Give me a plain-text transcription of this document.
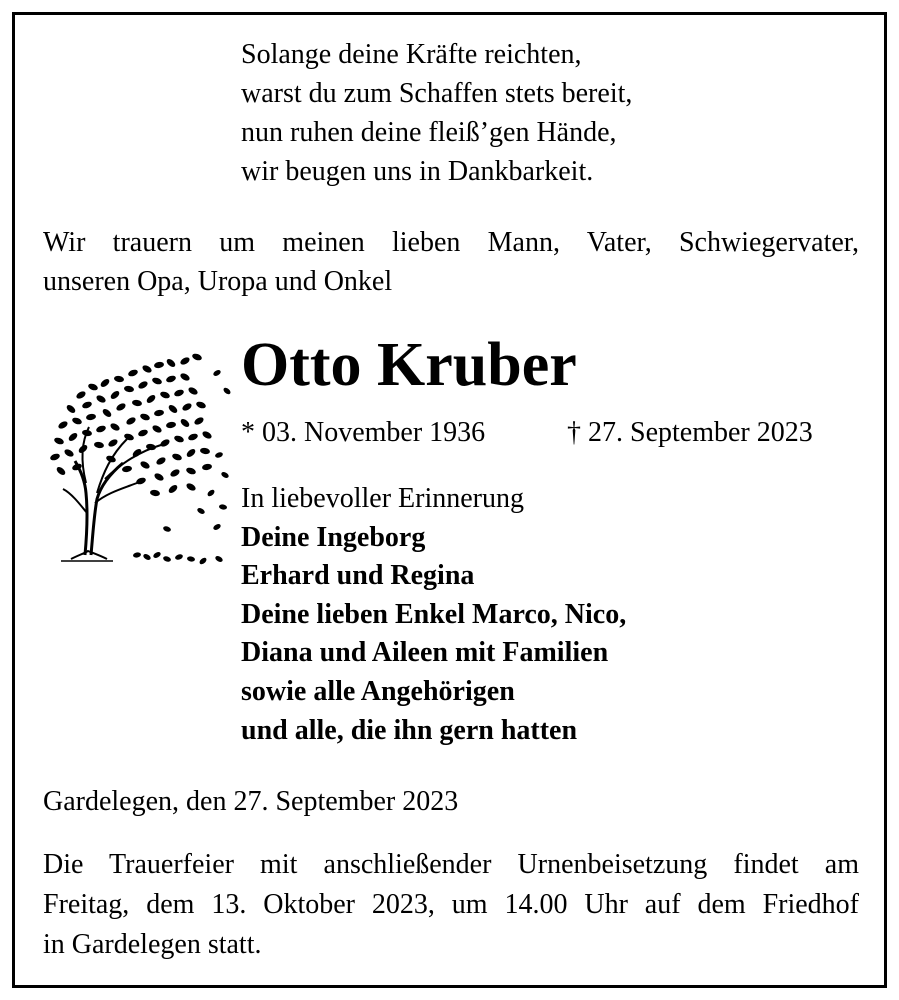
Solange deine Kräfte reichten,
warst du zum Schaffen stets bereit,
nun ruhen deine fleiß’gen Hände,
wir beugen uns in Dankbarkeit.
Wir trauern um meinen lieben Mann, Vater, Schwiegervater,
unseren Opa, Uropa und Onkel
Otto Kruber
* 03. November 1936	† 27. September 2023
In liebevoller Erinnerung
Deine Ingeborg
Erhard und Regina
Deine lieben Enkel Marco, Nico,
Diana und Aileen mit Familien
sowie alle Angehörigen
und alle, die ihn gern hatten
Gardelegen, den 27. September 2023
Die Trauerfeier mit anschließender Urnenbeisetzung findet am
Freitag, dem 13. Oktober 2023, um 14.00 Uhr auf dem Friedhof
in Gardelegen statt.
